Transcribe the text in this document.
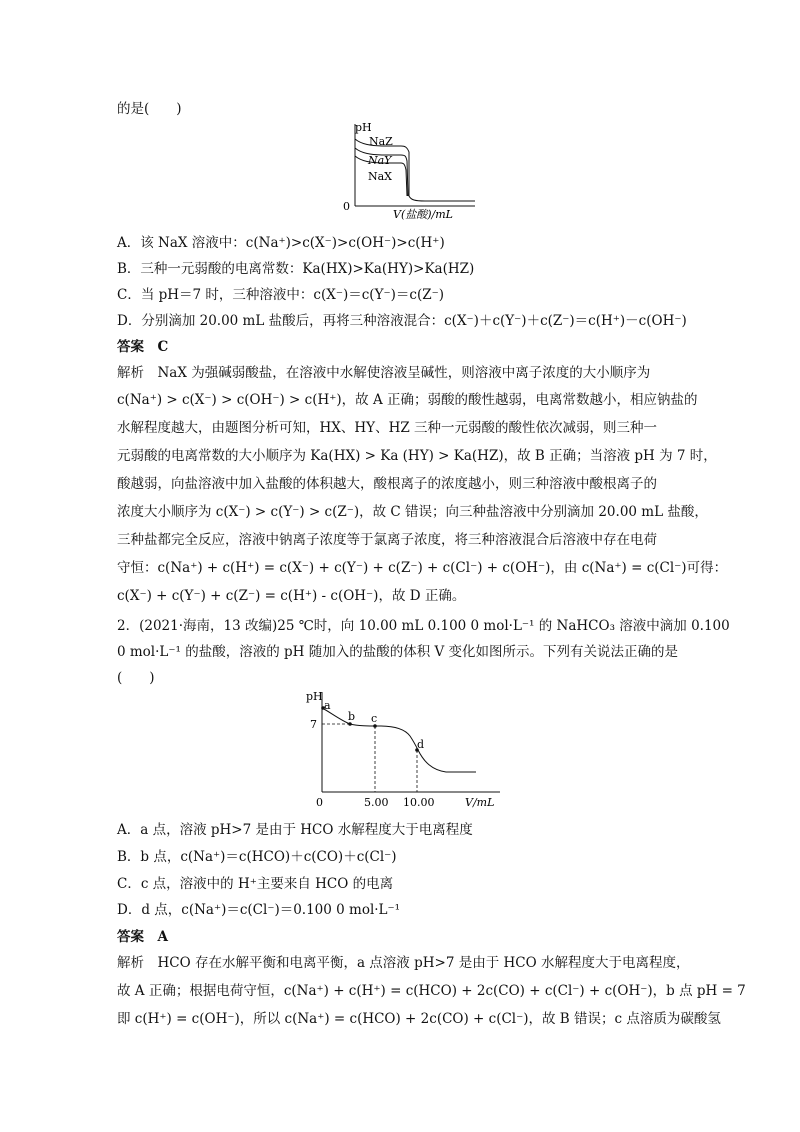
的是(　　)
pH
0
V(盐酸)/mL
NaZ
NaY
NaX
A．该 NaX 溶液中：c(Na⁺)>c(X⁻)>c(OH⁻)>c(H⁺)
B．三种一元弱酸的电离常数：Ka(HX)>Ka(HY)>Ka(HZ)
C．当 pH＝7 时，三种溶液中：c(X⁻)＝c(Y⁻)＝c(Z⁻)
D．分别滴加 20.00 mL 盐酸后，再将三种溶液混合：c(X⁻)＋c(Y⁻)＋c(Z⁻)＝c(H⁺)－c(OH⁻)
答案　C
解析　NaX 为强碱弱酸盐，在溶液中水解使溶液呈碱性，则溶液中离子浓度的大小顺序为
c(Na⁺) > c(X⁻) > c(OH⁻) > c(H⁺)，故 A 正确；弱酸的酸性越弱，电离常数越小，相应钠盐的
水解程度越大，由题图分析可知，HX、HY、HZ 三种一元弱酸的酸性依次减弱，则三种一
元弱酸的电离常数的大小顺序为 Ka(HX) > Ka (HY) > Ka(HZ)，故 B 正确；当溶液 pH 为 7 时，
酸越弱，向盐溶液中加入盐酸的体积越大，酸根离子的浓度越小，则三种溶液中酸根离子的
浓度大小顺序为 c(X⁻) > c(Y⁻) > c(Z⁻)，故 C 错误；向三种盐溶液中分别滴加 20.00 mL 盐酸，
三种盐都完全反应，溶液中钠离子浓度等于氯离子浓度，将三种溶液混合后溶液中存在电荷
守恒：c(Na⁺) + c(H⁺) = c(X⁻) + c(Y⁻) + c(Z⁻) + c(Cl⁻) + c(OH⁻)，由 c(Na⁺) = c(Cl⁻)可得：
c(X⁻) + c(Y⁻) + c(Z⁻) = c(H⁺) - c(OH⁻)，故 D 正确。
2．(2021·海南，13 改编)25 ℃时，向 10.00 mL 0.100 0 mol·L⁻¹ 的 NaHCO₃ 溶液中滴加 0.100
0 mol·L⁻¹ 的盐酸，溶液的 pH 随加入的盐酸的体积 V 变化如图所示。下列有关说法正确的是
(　　)
pH
7
a
b c
d
0	5.00 10.00	V/mL
A．a 点，溶液 pH>7 是由于 HCO 水解程度大于电离程度
B．b 点，c(Na⁺)＝c(HCO)＋c(CO)＋c(Cl⁻)
C．c 点，溶液中的 H⁺主要来自 HCO 的电离
D．d 点，c(Na⁺)＝c(Cl⁻)＝0.100 0 mol·L⁻¹
答案　A
解析　HCO 存在水解平衡和电离平衡，a 点溶液 pH>7 是由于 HCO 水解程度大于电离程度，
故 A 正确；根据电荷守恒，c(Na⁺) + c(H⁺) = c(HCO) + 2c(CO) + c(Cl⁻) + c(OH⁻)，b 点 pH = 7
即 c(H⁺) = c(OH⁻)，所以 c(Na⁺) = c(HCO) + 2c(CO) + c(Cl⁻)，故 B 错误；c 点溶质为碳酸氢
